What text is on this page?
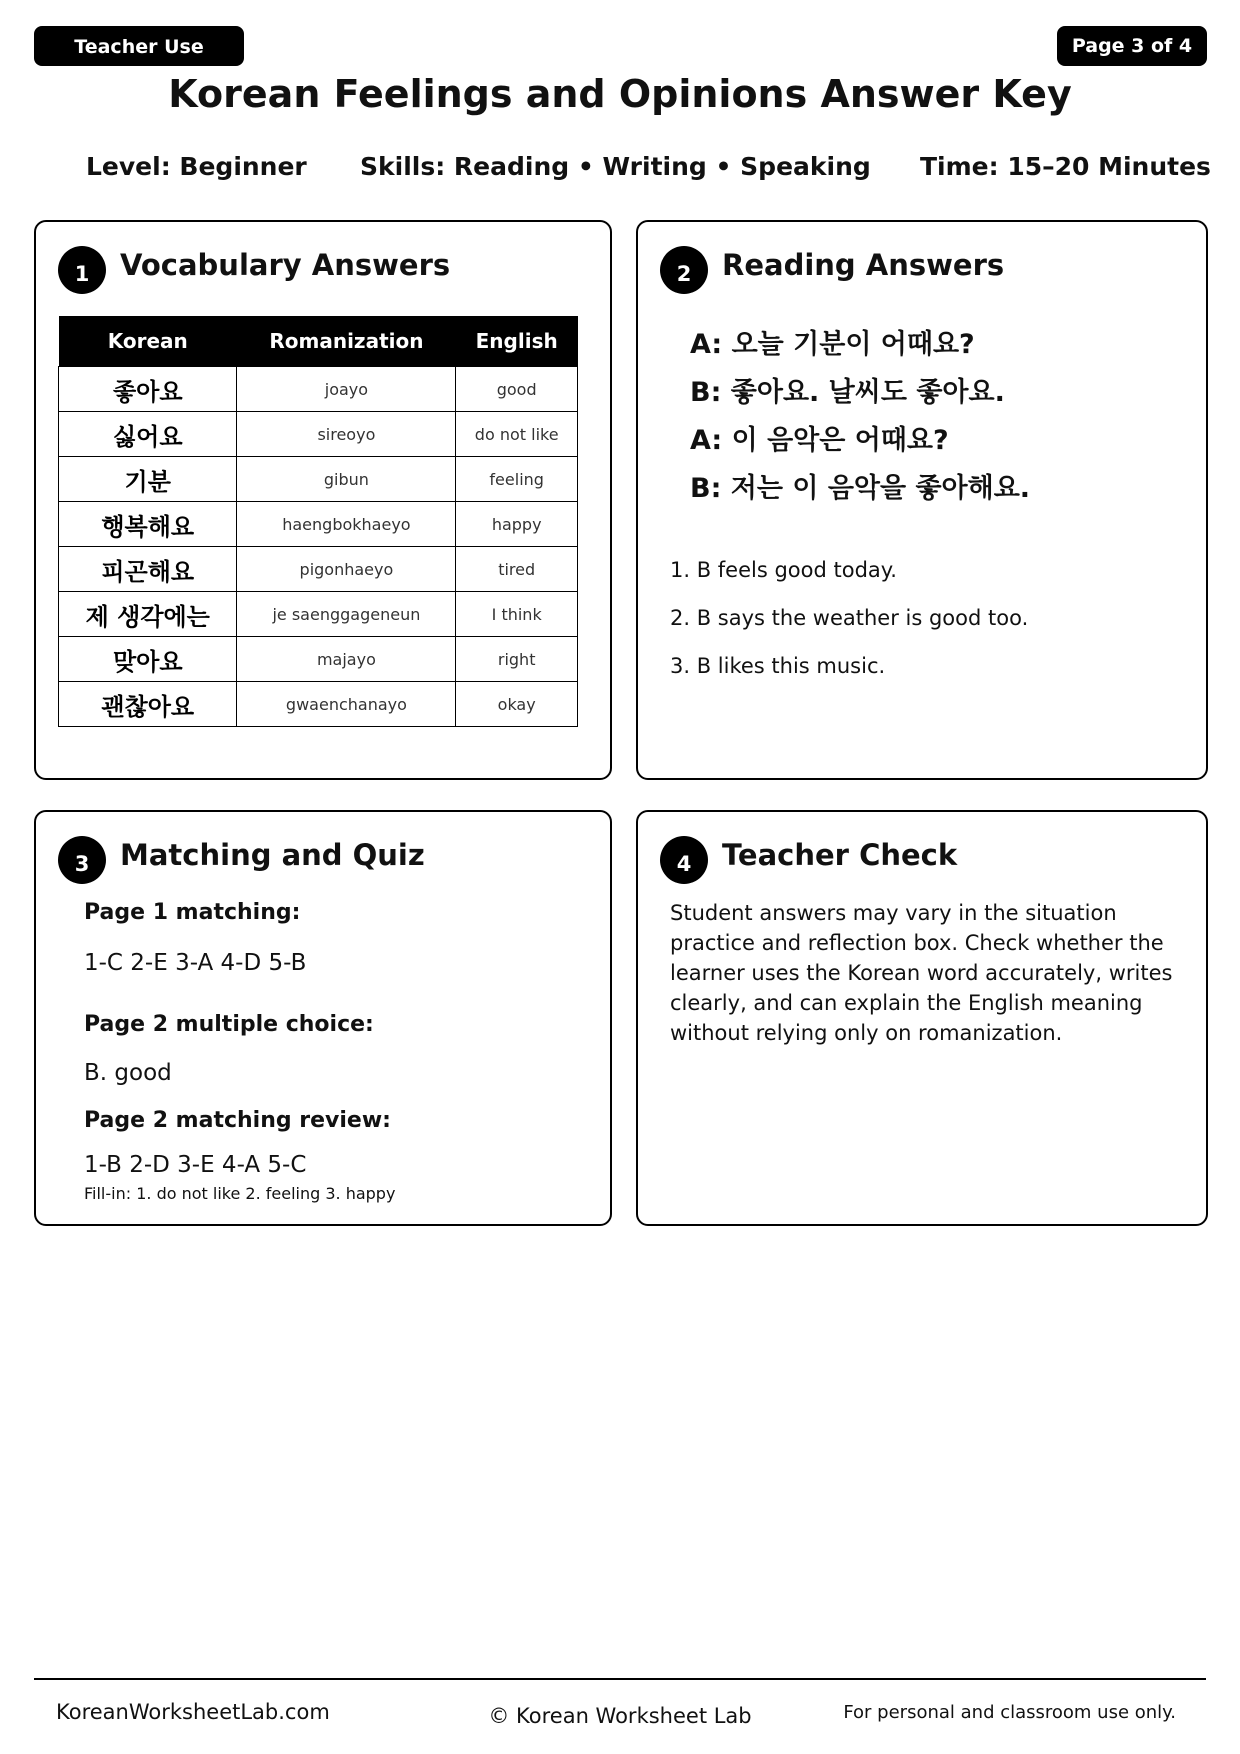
Teacher Use	Page 3 of 4
Korean Feelings and Opinions Answer Key
Level: Beginner Skills: Reading • Writing • Speaking Time: 15–20 Minutes
1	Vocabulary Answers
Korean	Romanization	English
좋아요	joayo	good
싫어요	sireoyo	do not like
기분	gibun	feeling
행복해요	haengbokhaeyo	happy
피곤해요	pigonhaeyo	tired
제 생각에는	je saenggageneun	I think
맞아요	majayo	right
괜찮아요	gwaenchanayo	okay
2	Reading Answers
A: 오늘 기분이 어때요?
B: 좋아요. 날씨도 좋아요.
A: 이 음악은 어때요?
B: 저는 이 음악을 좋아해요.
1. B feels good today.
2. B says the weather is good too.
3. B likes this music.
3	Matching and Quiz
Page 1 matching:
1-C 2-E 3-A 4-D 5-B
Page 2 multiple choice:
B. good
Page 2 matching review:
1-B 2-D 3-E 4-A 5-C
Fill-in: 1. do not like 2. feeling 3. happy
4	Teacher Check
Student answers may vary in the situation practice and reflection box. Check whether the learner uses the Korean word accurately, writes clearly, and can explain the English meaning without relying only on romanization.
KoreanWorksheetLab.com	© Korean Worksheet Lab	For personal and classroom use only.
